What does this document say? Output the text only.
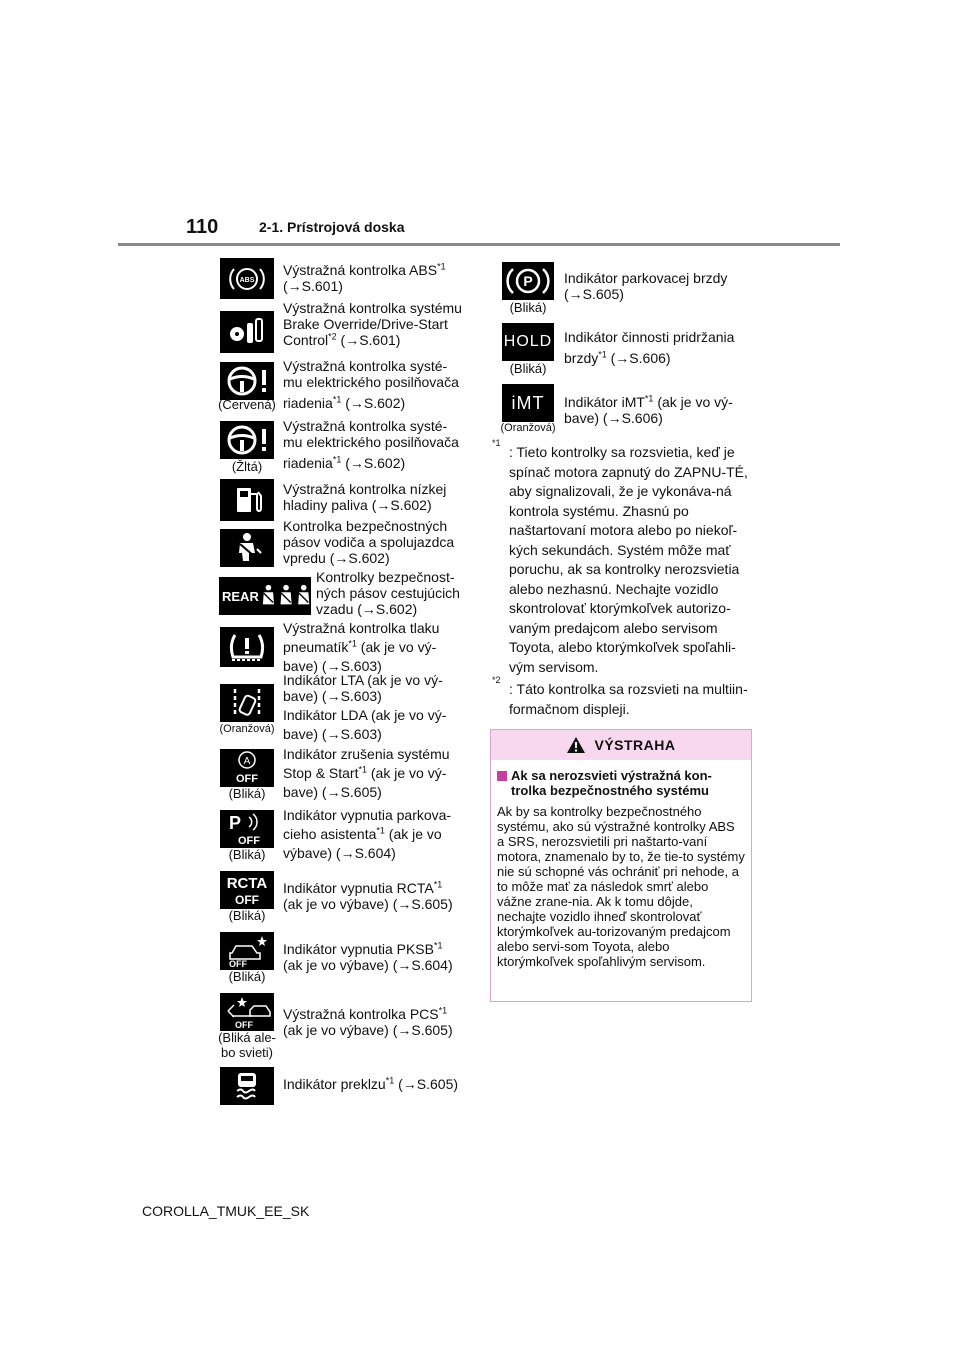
110	2-1. Prístrojová doska
ABS
Výstražná kontrolka ABS$^{*1}$
(→S.601)
Výstražná kontrolka systému
Brake Override/Drive-Start
Control$^{*2}$ (→S.601)
(Červená)
Výstražná kontrolka systé-
mu elektrického posilňovača
riadenia$^{*1}$ (→S.602)
(Žltá)
Výstražná kontrolka systé-
mu elektrického posilňovača
riadenia$^{*1}$ (→S.602)
Výstražná kontrolka nízkej
hladiny paliva (→S.602)
Kontrolka bezpečnostných
pásov vodiča a spolujazdca
vpredu (→S.602)
REAR
Kontrolky bezpečnost-
ných pásov cestujúcich
vzadu (→S.602)
Výstražná kontrolka tlaku
pneumatík$^{*1}$ (ak je vo vý-
bave) (→S.603)
(Oranžová)
Indikátor LTA (ak je vo vý-
bave) (→S.603)
Indikátor LDA (ak je vo vý-
bave) (→S.603)
A
OFF
(Bliká)
Indikátor zrušenia systému
Stop & Start$^{*1}$ (ak je vo vý-
bave) (→S.605)
P
OFF
(Bliká)
Indikátor vypnutia parkova-
cieho asistenta$^{*1}$ (ak je vo
výbave) (→S.604)
RCTA
OFF
(Bliká)
Indikátor vypnutia RCTA$^{*1}$
(ak je vo výbave) (→S.605)
OFF
(Bliká)
Indikátor vypnutia PKSB$^{*1}$
(ak je vo výbave) (→S.604)
OFF
(Bliká ale-
bo svieti)
Výstražná kontrolka PCS$^{*1}$
(ak je vo výbave) (→S.605)
Indikátor preklzu$^{*1}$ (→S.605)
P
(Bliká)
Indikátor parkovacej brzdy
(→S.605)
HOLD
(Bliká)
Indikátor činnosti pridržania
brzdy$^{*1}$ (→S.606)
iMT
(Oranžová)
Indikátor iMT$^{*1}$ (ak je vo vý-
bave) (→S.606)
*1
: Tieto kontrolky sa rozsvietia, keď je spínač motora zapnutý do ZAPNU-TÉ, aby signalizovali, že je vykonáva-ná kontrola systému. Zhasnú po naštartovaní motora alebo po niekoľ-kých sekundách. Systém môže mať poruchu, ak sa kontrolky nerozsvietia alebo nezhasnú. Nechajte vozidlo skontrolovať ktorýmkoľvek autorizo-vaným predajcom alebo servisom Toyota, alebo ktorýmkoľvek spoľahli-vým servisom.
*2
: Táto kontrolka sa rozsvieti na multiin-formačnom displeji.
VÝSTRAHA
Ak sa nerozsvieti výstražná kon-trolka bezpečnostného systému
Ak by sa kontrolky bezpečnostného systému, ako sú výstražné kontrolky ABS a SRS, nerozsvietili pri naštarto-vaní motora, znamenalo by to, že tie-to systémy nie sú schopné vás ochrániť pri nehode, a to môže mať za následok smrť alebo vážne zrane-nia. Ak k tomu dôjde, nechajte vozidlo ihneď skontrolovať ktorýmkoľvek au-torizovaným predajcom alebo servi-som Toyota, alebo ktorýmkoľvek spoľahlivým servisom.
COROLLA_TMUK_EE_SK
